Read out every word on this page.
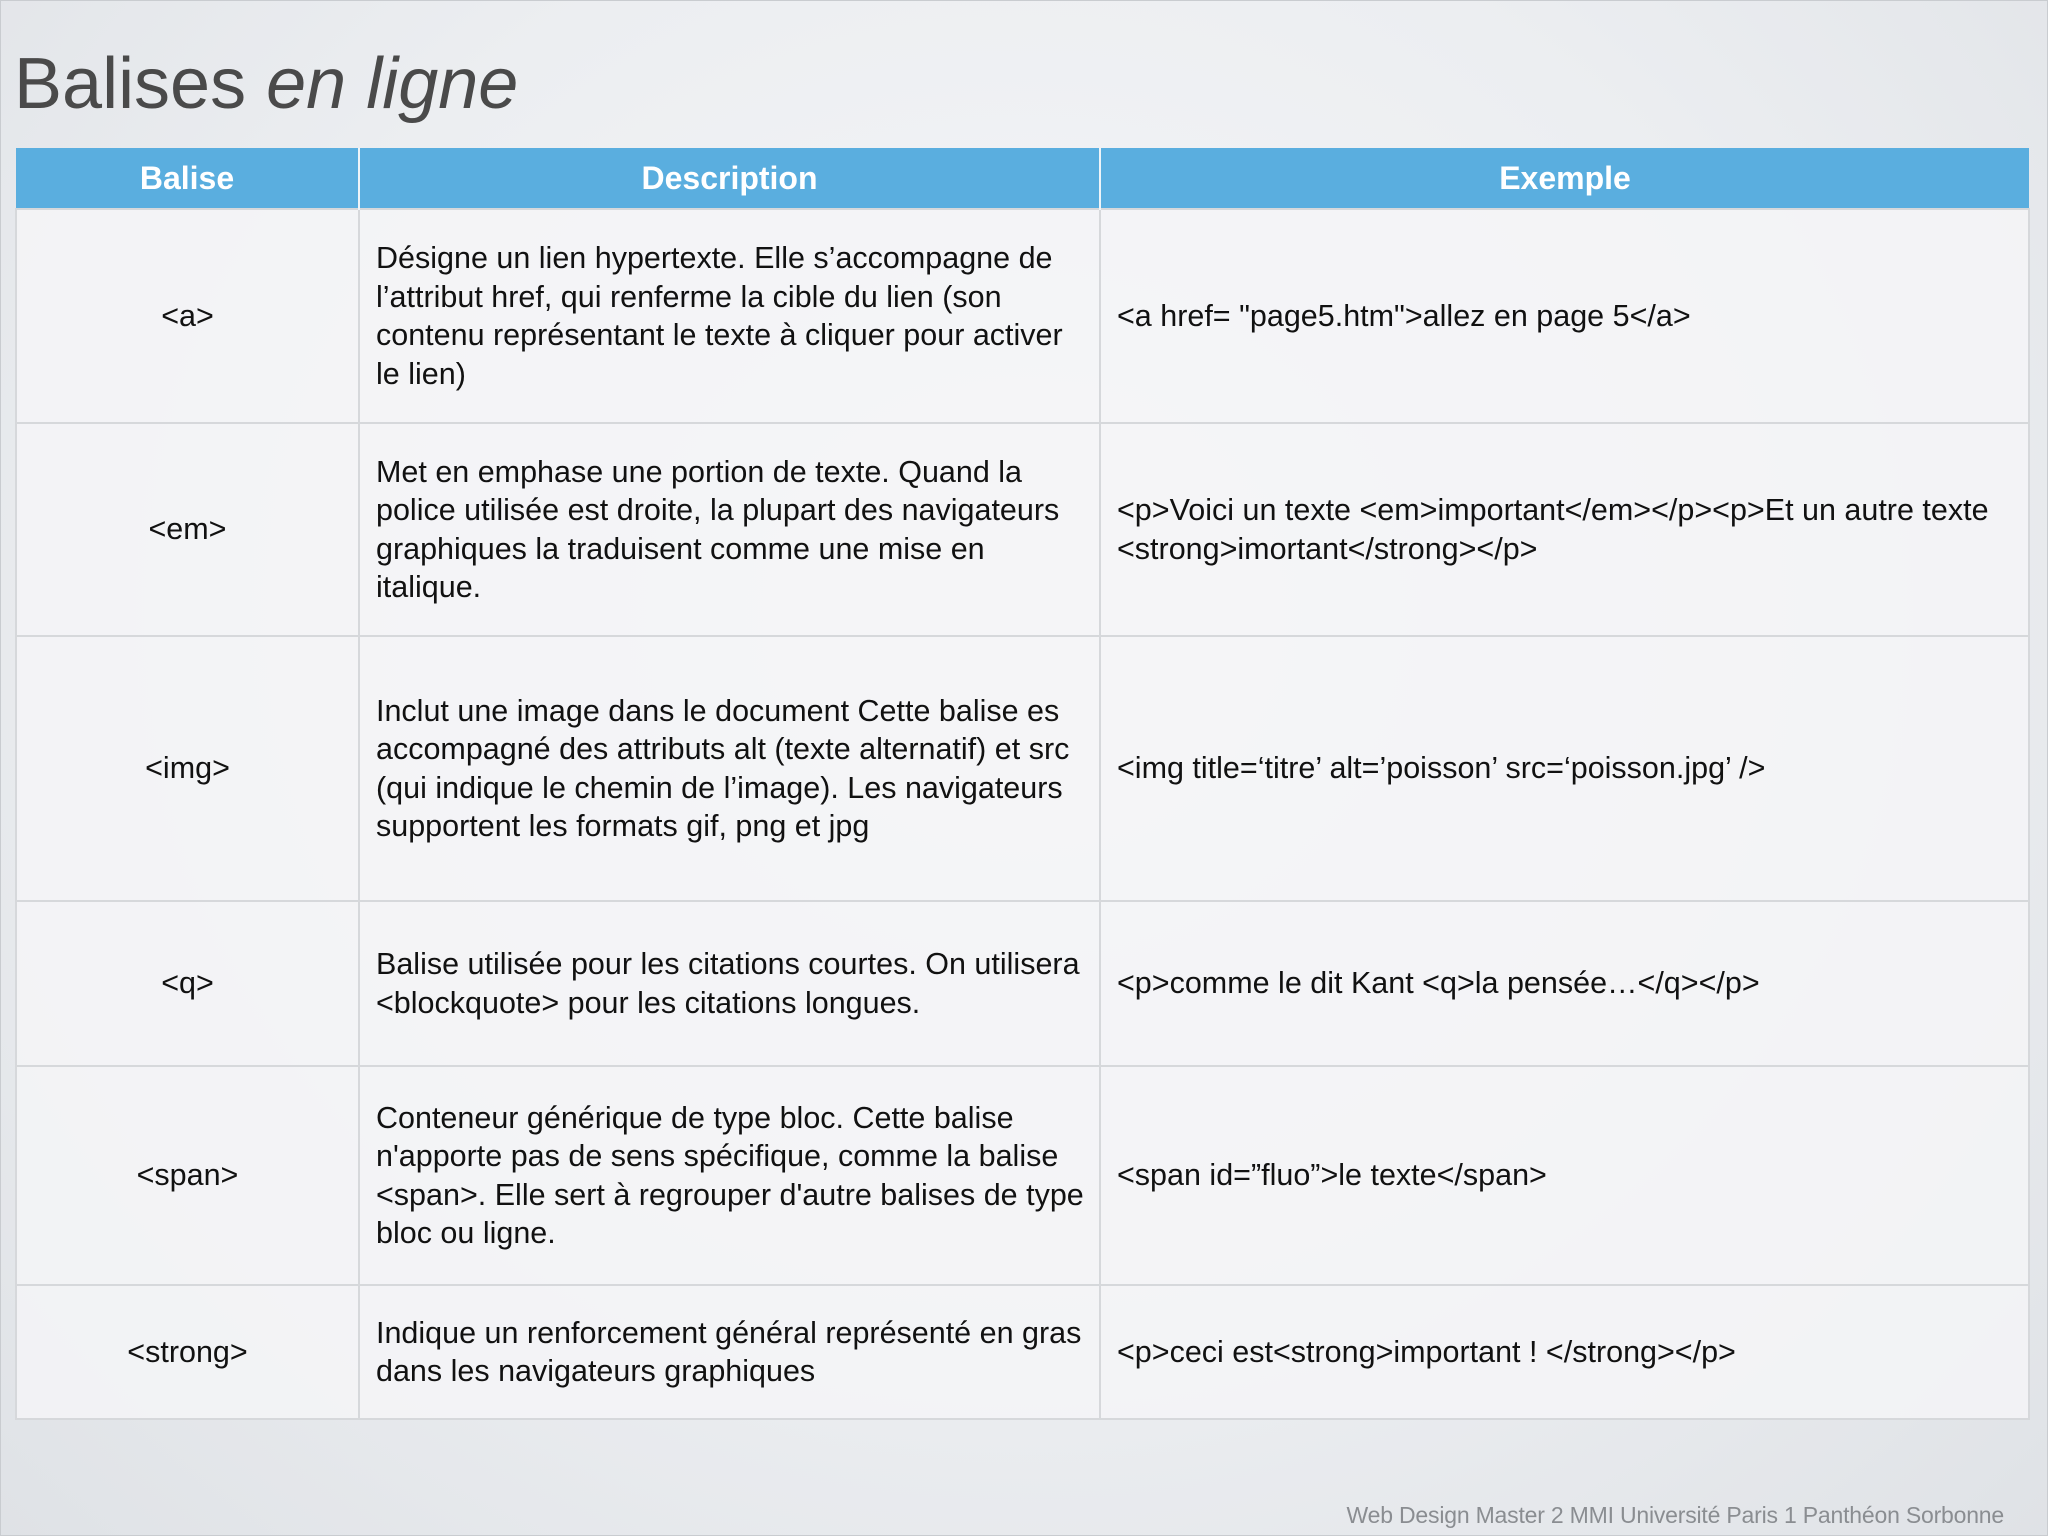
Balises en ligne
Balise	Description	Exemple
<a>	Désigne un lien hypertexte. Elle s’accompagne de l’attribut href, qui renferme la cible du lien (son contenu représentant le texte à cliquer pour activer le lien)	<a href= "page5.htm">allez en page 5</a>
<em>	Met en emphase une portion de texte. Quand la police utilisée est droite, la plupart des navigateurs graphiques la traduisent comme une mise en italique.	<p>Voici un texte <em>important</em></p><p>Et un autre texte <strong>imortant</strong></p>
<img>	Inclut une image dans le document Cette balise es accompagné des attributs alt (texte alternatif) et src (qui indique le chemin de l’image). Les navigateurs supportent les formats gif, png et jpg	<img title=‘titre’ alt=’poisson’ src=‘poisson.jpg’ />
<q>	Balise utilisée pour les citations courtes. On utilisera <blockquote> pour les citations longues.	<p>comme le dit Kant <q>la pensée…</q></p>
<span>	Conteneur générique de type bloc. Cette balise n'apporte pas de sens spécifique, comme la balise <span>. Elle sert à regrouper d'autre balises de type bloc ou ligne.	<span id=”fluo”>le texte</span>
<strong>	Indique un renforcement général représenté en gras dans les navigateurs graphiques	<p>ceci est<strong>important ! </strong></p>
Web Design Master 2 MMI Université Paris 1 Panthéon Sorbonne
